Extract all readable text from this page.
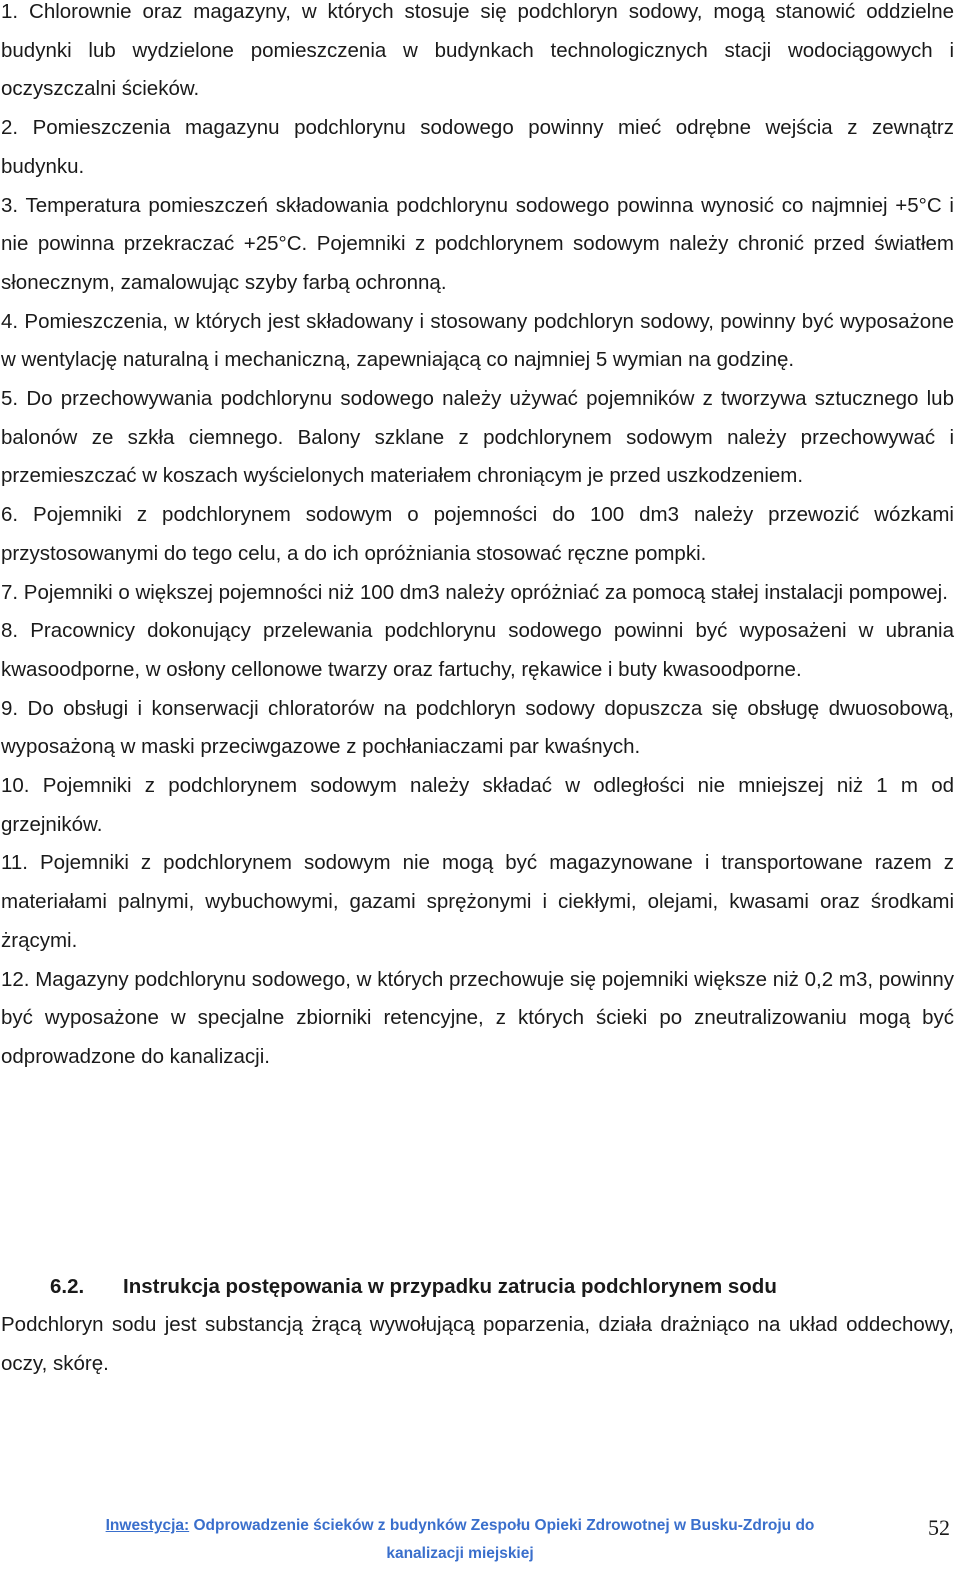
1. Chlorownie oraz magazyny, w których stosuje się podchloryn sodowy, mogą stanowić oddzielne budynki lub wydzielone pomieszczenia w budynkach technologicznych stacji wodociągowych i oczyszczalni ścieków.

2. Pomieszczenia magazynu podchlorynu sodowego powinny mieć odrębne wejścia z zewnątrz budynku.

3. Temperatura pomieszczeń składowania podchlorynu sodowego powinna wynosić co najmniej +5°C i nie powinna przekraczać +25°C. Pojemniki z podchlorynem sodowym należy chronić przed światłem słonecznym, zamalowując szyby farbą ochronną.

4. Pomieszczenia, w których jest składowany i stosowany podchloryn sodowy, powinny być wyposażone w wentylację naturalną i mechaniczną, zapewniającą co najmniej 5 wymian na godzinę.

5. Do przechowywania podchlorynu sodowego należy używać pojemników z tworzywa sztucznego lub balonów ze szkła ciemnego. Balony szklane z podchlorynem sodowym należy przechowywać i przemieszczać w koszach wyścielonych materiałem chroniącym je przed uszkodzeniem.

6. Pojemniki z podchlorynem sodowym o pojemności do 100 dm3 należy przewozić wózkami przystosowanymi do tego celu, a do ich opróżniania stosować ręczne pompki.

7. Pojemniki o większej pojemności niż 100 dm3 należy opróżniać za pomocą stałej instalacji pompowej.

8. Pracownicy dokonujący przelewania podchlorynu sodowego powinni być wyposażeni w ubrania kwasoodporne, w osłony cellonowe twarzy oraz fartuchy, rękawice i buty kwasoodporne.

9. Do obsługi i konserwacji chloratorów na podchloryn sodowy dopuszcza się obsługę dwuosobową, wyposażoną w maski przeciwgazowe z pochłaniaczami par kwaśnych.

10. Pojemniki z podchlorynem sodowym należy składać w odległości nie mniejszej niż 1 m od grzejników.

11. Pojemniki z podchlorynem sodowym nie mogą być magazynowane i transportowane razem z materiałami palnymi, wybuchowymi, gazami sprężonymi i ciekłymi, olejami, kwasami oraz środkami żrącymi.

12. Magazyny podchlorynu sodowego, w których przechowuje się pojemniki większe niż 0,2 m3, powinny być wyposażone w specjalne zbiorniki retencyjne, z których ścieki po zneutralizowaniu mogą być odprowadzone do kanalizacji.

6.2. Instrukcja postępowania w przypadku zatrucia podchlorynem sodu

Podchloryn sodu jest substancją żrącą wywołującą poparzenia, działa drażniąco na układ oddechowy, oczy, skórę.

Inwestycja: Odprowadzenie ścieków z budynków Zespołu Opieki Zdrowotnej w Busku-Zdroju do kanalizacji miejskiej
52
